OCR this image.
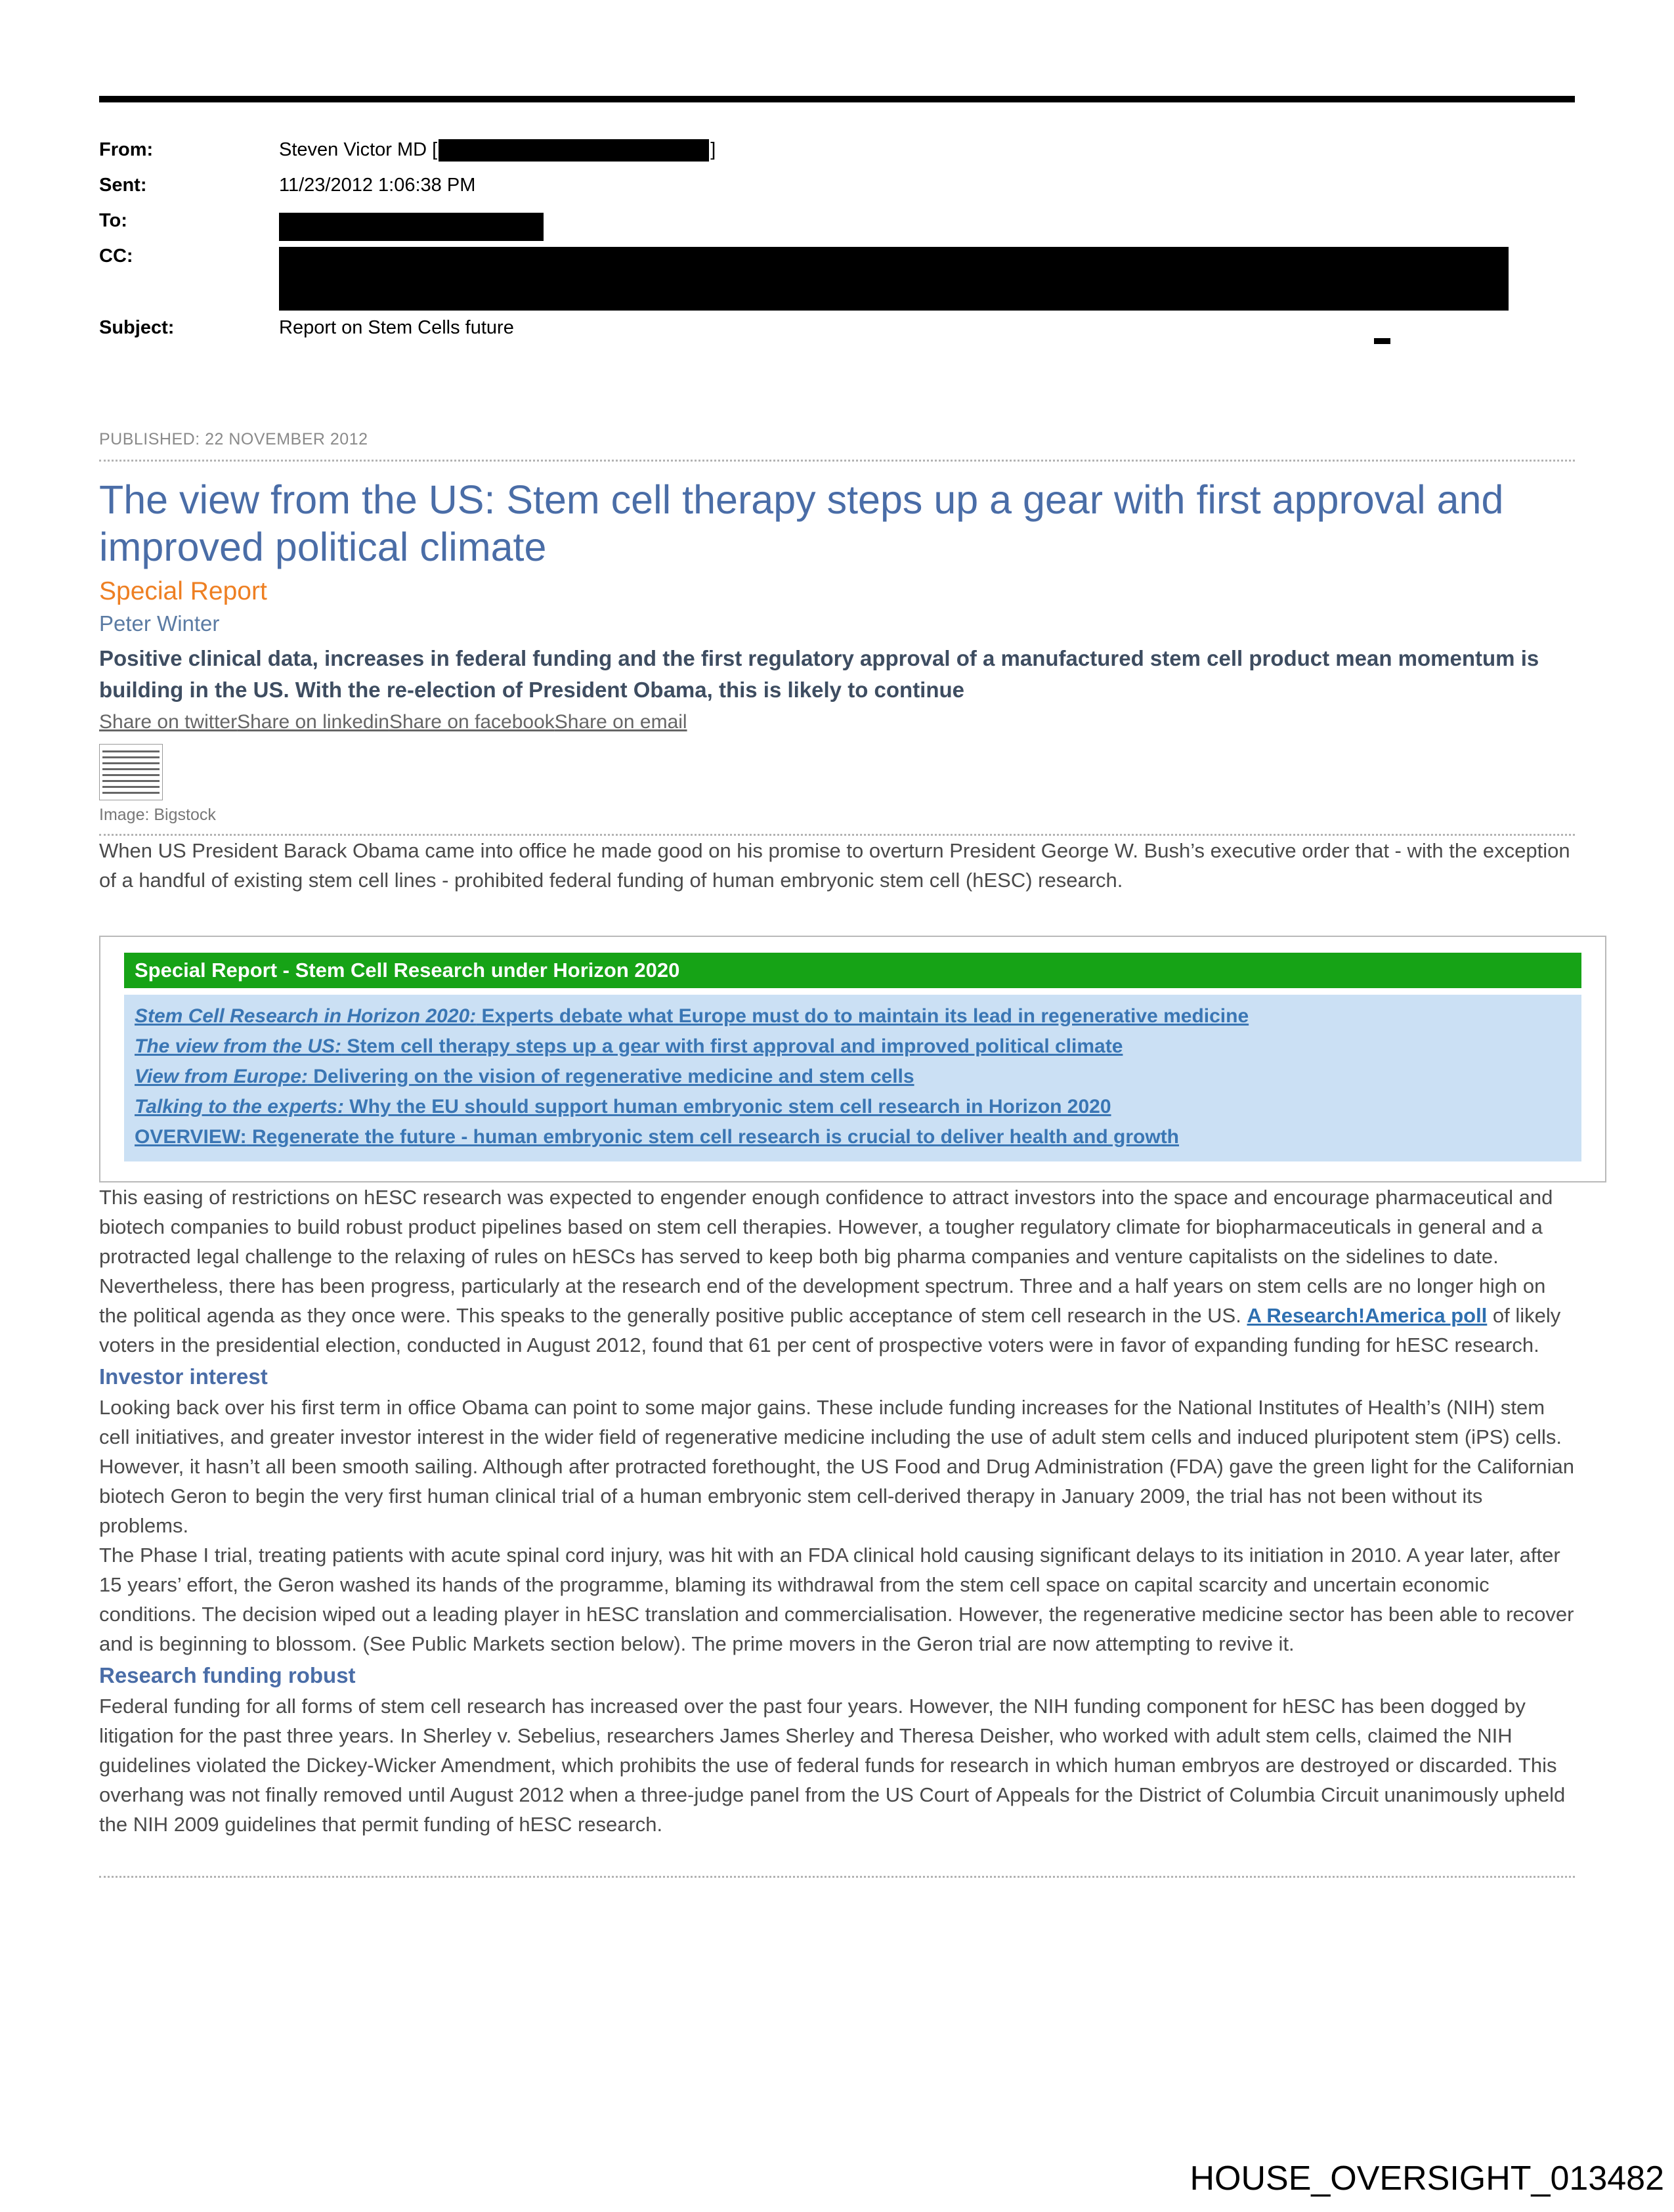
From:	Steven Victor MD [	]
Sent:	11/23/2012 1:06:38 PM
To:
CC:
Subject:	Report on Stem Cells future
PUBLISHED: 22 NOVEMBER 2012
The view from the US: Stem cell therapy steps up a gear with first approval and improved political climate
Special Report
Peter Winter
Positive clinical data, increases in federal funding and the first regulatory approval of a manufactured stem cell product mean momentum is building in the US. With the re-election of President Obama, this is likely to continue
Share on twitterShare on linkedinShare on facebookShare on email
Image: Bigstock

When US President Barack Obama came into office he made good on his promise to overturn President George W. Bush’s executive order that - with the exception of a handful of existing stem cell lines - prohibited federal funding of human embryonic stem cell (hESC) research.

Special Report - Stem Cell Research under Horizon 2020
Stem Cell Research in Horizon 2020: Experts debate what Europe must do to maintain its lead in regenerative medicine
The view from the US: Stem cell therapy steps up a gear with first approval and improved political climate
View from Europe: Delivering on the vision of regenerative medicine and stem cells
Talking to the experts: Why the EU should support human embryonic stem cell research in Horizon 2020
OVERVIEW: Regenerate the future - human embryonic stem cell research is crucial to deliver health and growth

This easing of restrictions on hESC research was expected to engender enough confidence to attract investors into the space and encourage pharmaceutical and biotech companies to build robust product pipelines based on stem cell therapies. However, a tougher regulatory climate for biopharmaceuticals in general and a protracted legal challenge to the relaxing of rules on hESCs has served to keep both big pharma companies and venture capitalists on the sidelines to date.

Nevertheless, there has been progress, particularly at the research end of the development spectrum. Three and a half years on stem cells are no longer high on the political agenda as they once were. This speaks to the generally positive public acceptance of stem cell research in the US. A Research!America poll of likely voters in the presidential election, conducted in August 2012, found that 61 per cent of prospective voters were in favor of expanding funding for hESC research.

Investor interest

Looking back over his first term in office Obama can point to some major gains. These include funding increases for the National Institutes of Health’s (NIH) stem cell initiatives, and greater investor interest in the wider field of regenerative medicine including the use of adult stem cells and induced pluripotent stem (iPS) cells.

However, it hasn’t all been smooth sailing. Although after protracted forethought, the US Food and Drug Administration (FDA) gave the green light for the Californian biotech Geron to begin the very first human clinical trial of a human embryonic stem cell-derived therapy in January 2009, the trial has not been without its problems.

The Phase I trial, treating patients with acute spinal cord injury, was hit with an FDA clinical hold causing significant delays to its initiation in 2010. A year later, after 15 years’ effort, the Geron washed its hands of the programme, blaming its withdrawal from the stem cell space on capital scarcity and uncertain economic conditions. The decision wiped out a leading player in hESC translation and commercialisation. However, the regenerative medicine sector has been able to recover and is beginning to blossom. (See Public Markets section below). The prime movers in the Geron trial are now attempting to revive it.

Research funding robust

Federal funding for all forms of stem cell research has increased over the past four years. However, the NIH funding component for hESC has been dogged by litigation for the past three years. In Sherley v. Sebelius, researchers James Sherley and Theresa Deisher, who worked with adult stem cells, claimed the NIH guidelines violated the Dickey-Wicker Amendment, which prohibits the use of federal funds for research in which human embryos are destroyed or discarded. This overhang was not finally removed until August 2012 when a three-judge panel from the US Court of Appeals for the District of Columbia Circuit unanimously upheld the NIH 2009 guidelines that permit funding of hESC research.

HOUSE_OVERSIGHT_013482
